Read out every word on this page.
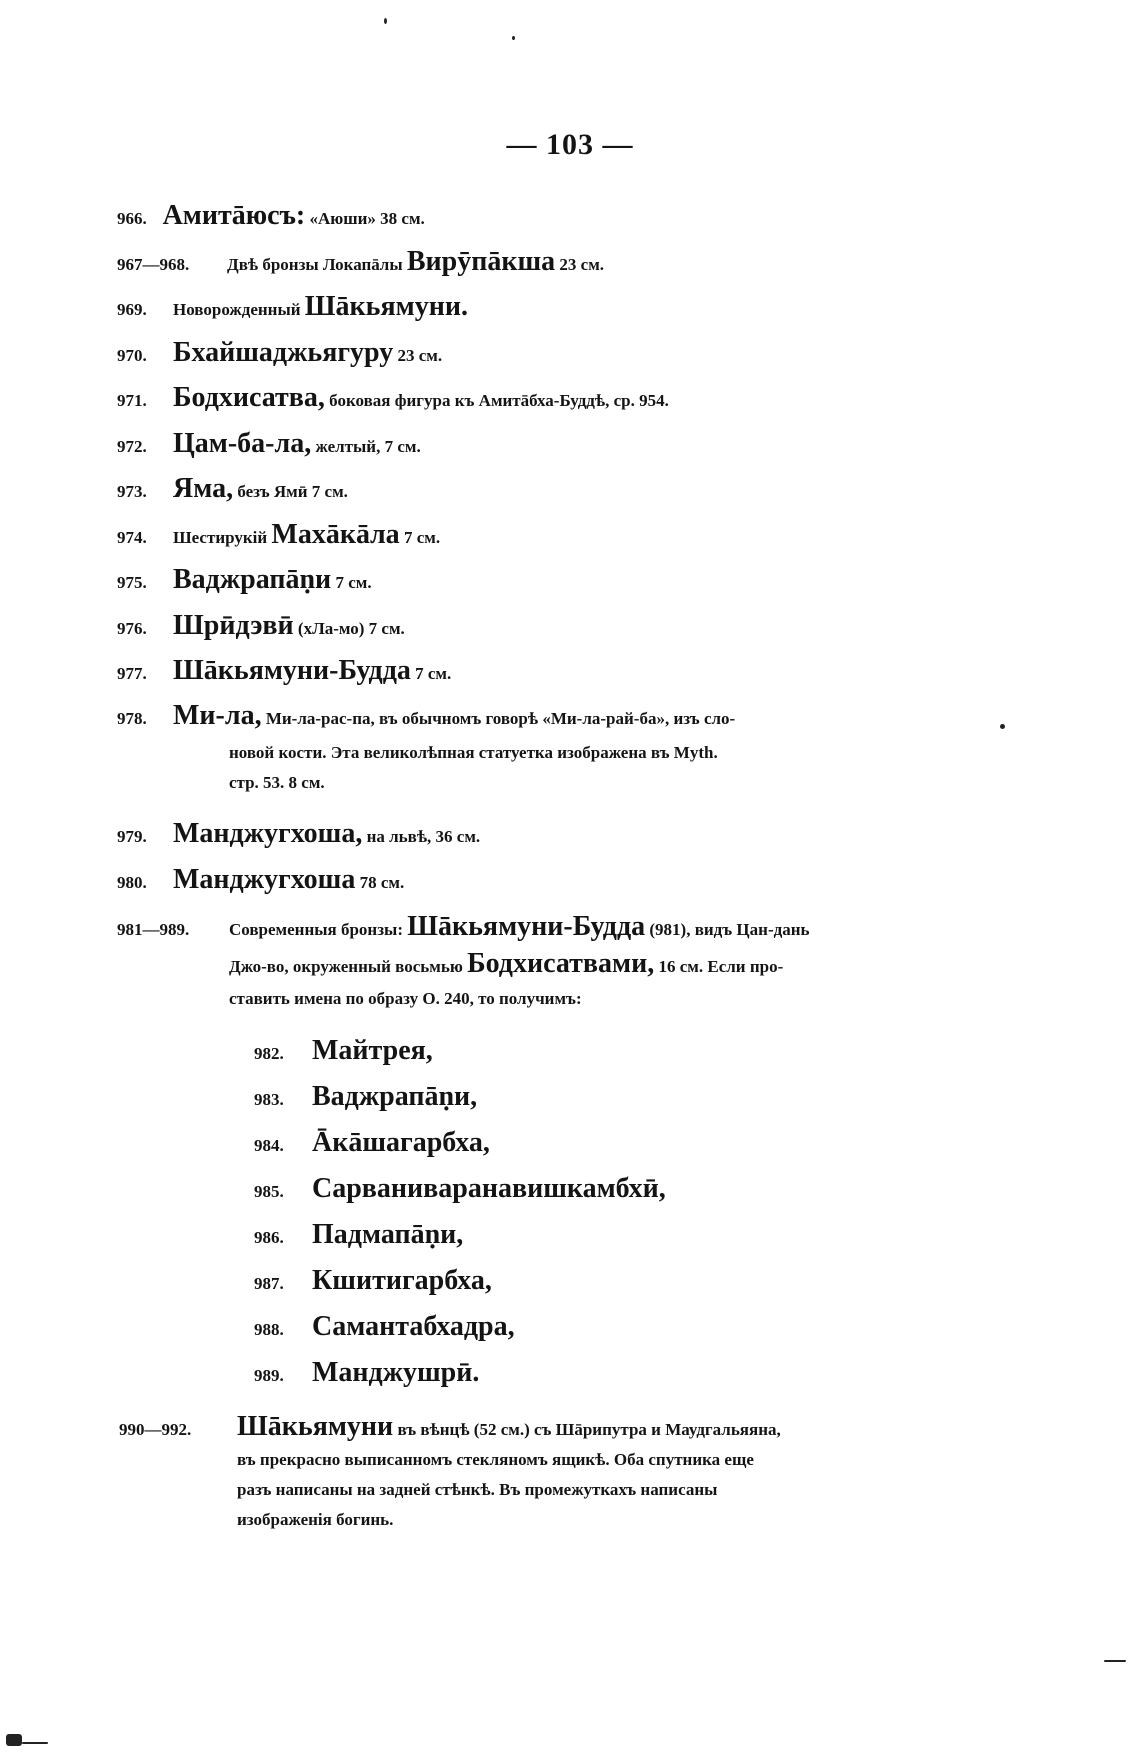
— 103 —
966. Амитāюсъ: «Аюши» 38 см.
967—968. Двѣ бронзы Локапāлы Вирӯпāкша 23 см.
969. Новорожденный Шāкьямуни.
970. Бхайшаджьягуру 23 см.
971. Бодхисатва, боковая фигура къ Амитāбха-Буддѣ, ср. 954.
972. Цам-ба-ла, желтый, 7 см.
973. Яма, безъ Ямӣ 7 см.
974. Шестирукій Махāкāла 7 см.
975. Ваджрапāṇи 7 см.
976. Шрӣдэвӣ (хЛа-мо) 7 см.
977. Шāкьямуни-Будда 7 см.
978. Ми-ла, Ми-ла-рас-па, въ обычномъ говорѣ «Ми-ла-рай-ба», изъ сло-
новой кости. Эта великолѣпная статуетка изображена въ Myth.
стр. 53. 8 см.
979. Манджугхоша, на львѣ, 36 см.
980. Манджугхоша 78 см.
981—989. Современныя бронзы: Шāкьямуни-Будда (981), видъ Цан-дань
Джо-во, окруженный восьмью Бодхисатвами, 16 см. Если про-
ставить имена по образу О. 240, то получимъ:
982. Майтрея,
983. Ваджрапāṇи,
984. Āкāшагарбха,
985. Сарваниваранавишкамбхӣ,
986. Падмапāṇи,
987. Кшитигарбха,
988. Самантабхадра,
989. Манджушрӣ.
990—992. Шāкьямуни въ вѣнцѣ (52 см.) съ Шāрипутра и Маудгальяяна,
въ прекрасно выписанномъ стекляномъ ящикѣ. Оба спутника еще
разъ написаны на задней стѣнкѣ. Въ промежуткахъ написаны
изображенія богинь.
